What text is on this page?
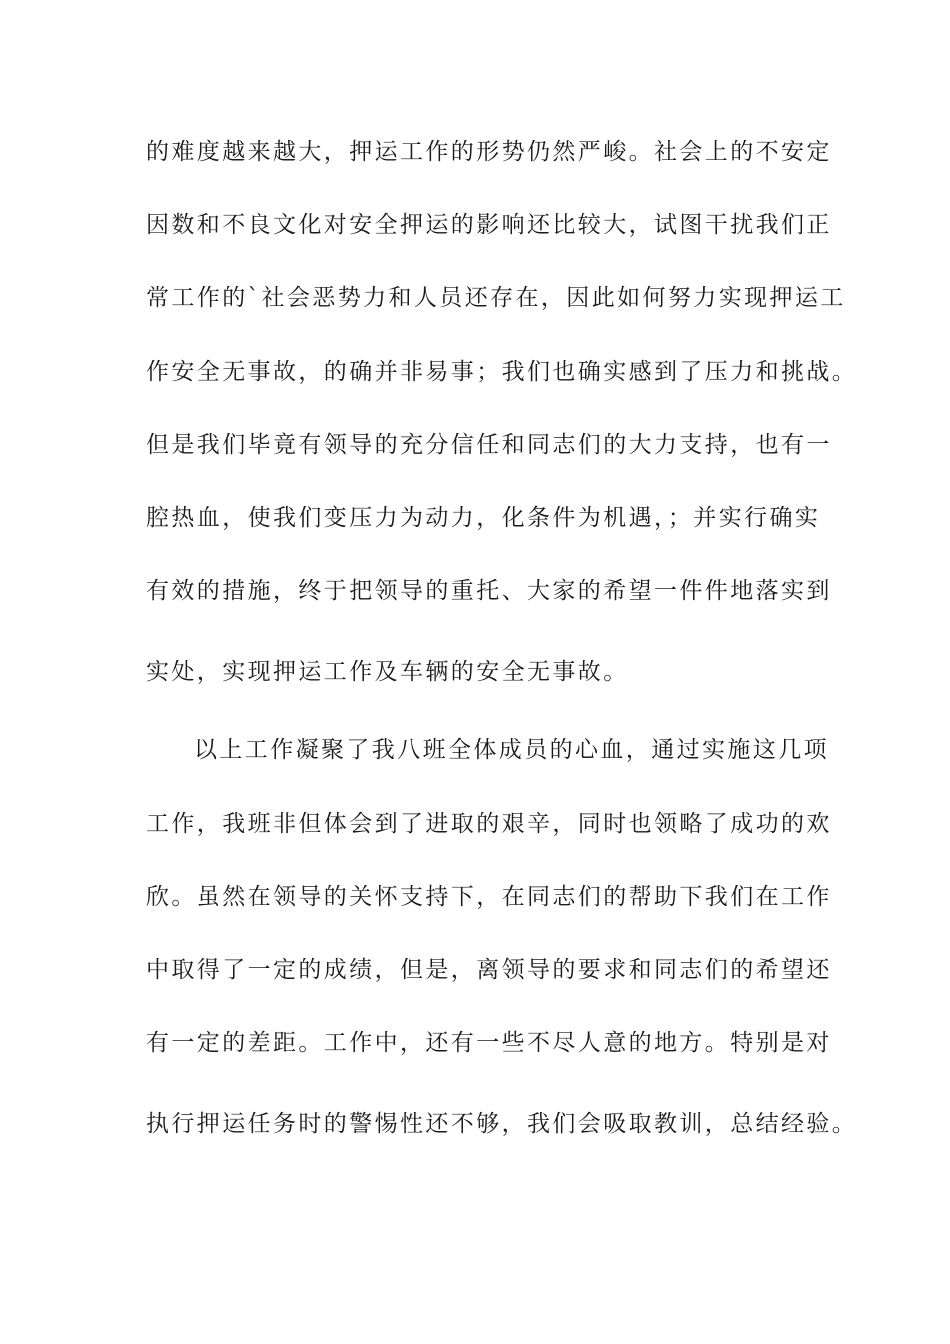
的难度越来越大，押运工作的形势仍然严峻。社会上的不安定
因数和不良文化对安全押运的影响还比较大，试图干扰我们正
常工作的`社会恶势力和人员还存在，因此如何努力实现押运工
作安全无事故，的确并非易事；我们也确实感到了压力和挑战。
但是我们毕竟有领导的充分信任和同志们的大力支持，也有一
腔热血，使我们变压力为动力，化条件为机遇，；并实行确实
有效的措施，终于把领导的重托、大家的希望一件件地落实到
实处，实现押运工作及车辆的安全无事故。
以上工作凝聚了我八班全体成员的心血，通过实施这几项
工作，我班非但体会到了进取的艰辛，同时也领略了成功的欢
欣。虽然在领导的关怀支持下，在同志们的帮助下我们在工作
中取得了一定的成绩，但是，离领导的要求和同志们的希望还
有一定的差距。工作中，还有一些不尽人意的地方。特别是对
执行押运任务时的警惕性还不够，我们会吸取教训，总结经验。
